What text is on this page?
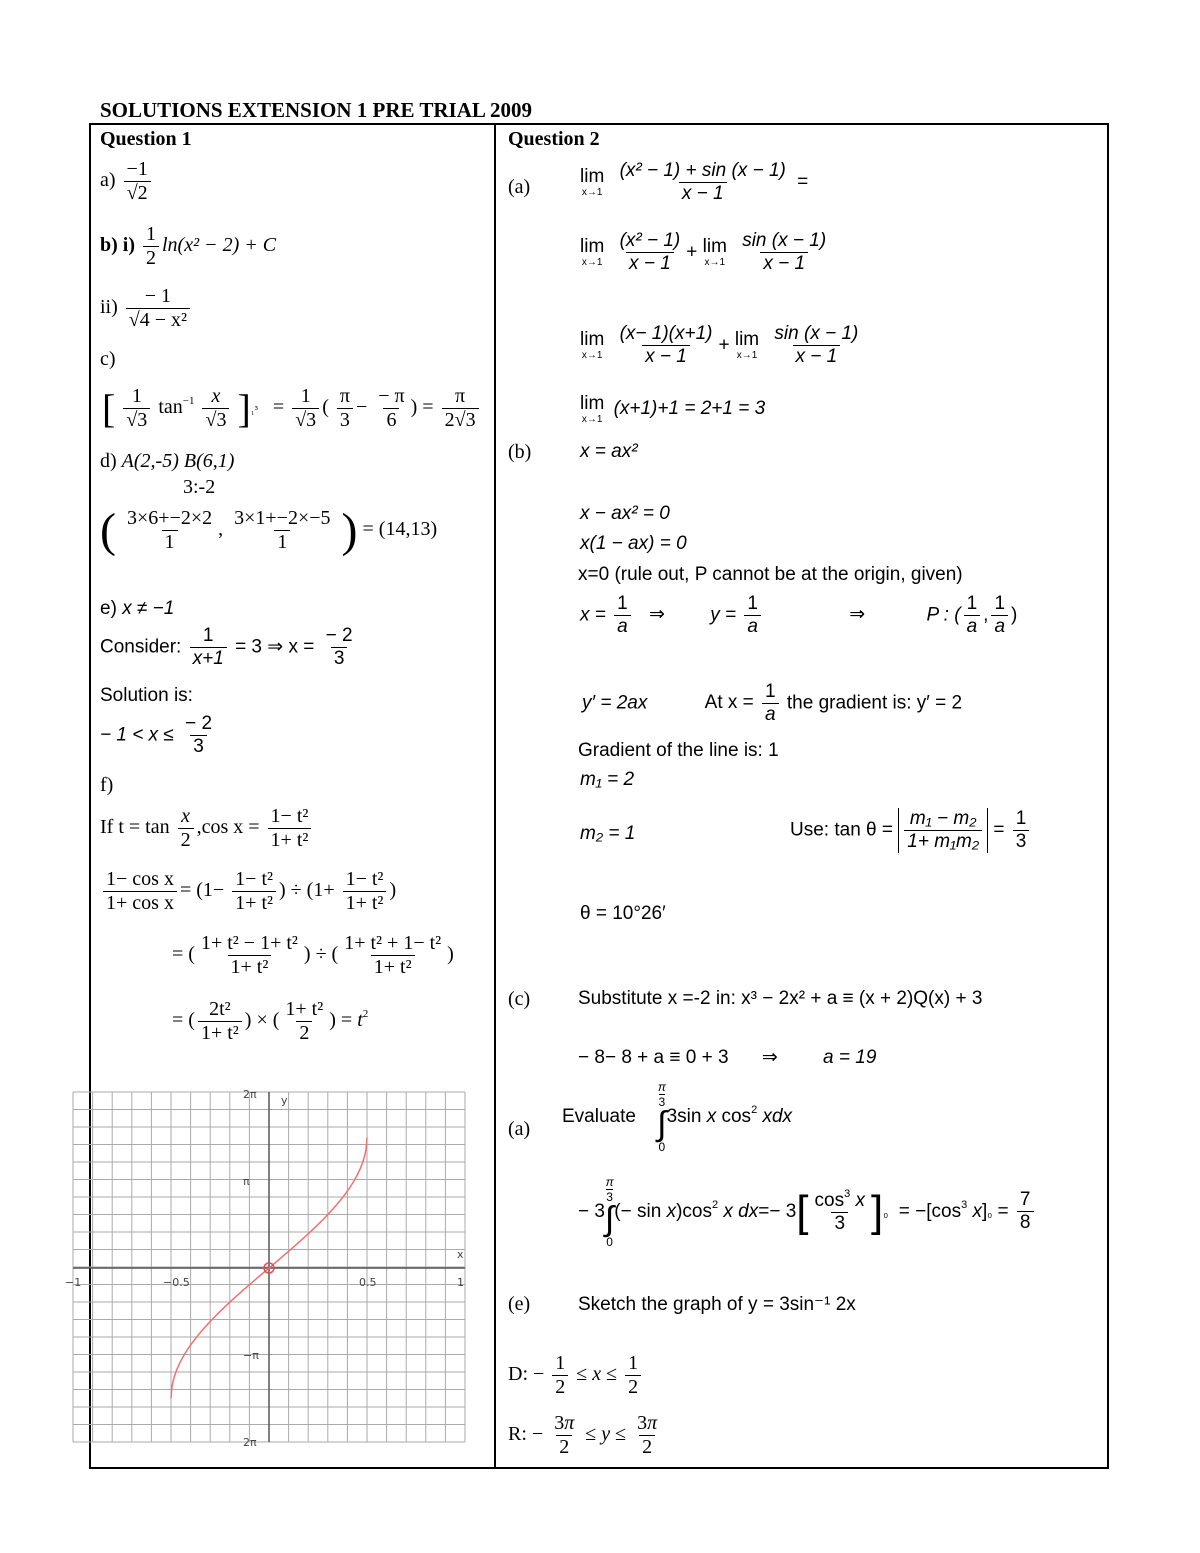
SOLUTIONS EXTENSION 1 PRE TRIAL 2009
Question 1
$a) \frac{-1}{√2}$
b) $i) \frac{1}{2} \ln(x^2 - 2) + C$
$ii) \frac{- 1}{\text{√4 − x²}}$
c)
[ $\frac{1}{√3} \tan^{-1} \frac{x}{√3} ]_1^3 = \frac{1}{√3}$ ( $\frac{\pi}{3} - \frac{- \pi}{6}$ ) = $\frac{\pi}{2√3}$
d) A(2,-5) B(6,1)
3:-2
( $\frac{3\times 6+-2\times 2}{1}$ , $\frac{3\times 1+-2\times-5}{1}$ ) = (14,13)
e) x ≠ −1
Consider: $\frac{1}{x+1} = 3$ ⇒ $x = \frac{- 2}{3}$
Solution is:
− $1 < x \le \frac{- 2}{3}$
f)
If $t = \tan \frac{x}{2} ,\cos$ $x = \frac{\text{1− t²}}{\text{1+ t²}}$
$\frac{\text{1− cos x}}{\text{1+ cos x}} = (1- \frac{\text{1− t²}}{\text{1+ t²}}$ ) ÷ ($1+ \frac{\text{1− t²}}{\text{1+ t²}}$ )
= ( $\frac{\text{1+ t² − 1+ t²}}{\text{1+ t²}}$ ) ÷ ( $\frac{\text{1+ t² + 1− t²}}{\text{1+ t²}}$ )
= ( $\frac{\text{2t²}}{\text{1+ t²}}$ ) × ( $\frac{\text{1+ t²}}{2}$ ) = $t^2$
−1	−0.5	0.5	1
2π
π
−π
2π
x
y
Question 2
(a)	lim
x→1
$\frac{\text{(x² − 1) + sin (x − 1)}}{x - 1}$ =
lim
x→1
$\frac{\text{(x² − 1)}}{x - 1} + \lim$
x→1
$\frac{\sin (x - 1)}{x - 1}$
lim
x→1
$\frac{(x- 1)(x+1)}{x - 1} + \lim$
x→1
$\frac{\sin (x - 1)}{x - 1}$
lim
x→1
(x+1)+1 = 2+1 = 3
(b)	x = ax²
x − ax² = 0
x(1 − ax) = 0
x=0 (rule out, P cannot be at the origin, given)
$x = \frac{1}{a}$ ⇒ $y = \frac{1}{a}$	⇒	P : ( $\frac{1}{a}$ , $\frac{1}{a}$ )
y′ = 2ax	At $x = \frac{1}{a}$ the gradient is: y′ = 2
Gradient of the line is: 1
m₁ = 2
m₂ = 1	Use: $\tan \theta = \frac{\text{m₁ − m₂}}{\text{1+ m₁m₂}} = \frac{1}{3}$
θ = 10°26′
(c)	Substitute x =-2 in: x³ − 2x² + a ≡ (x + 2)Q(x) + 3
− 8− 8 + a ≡ 0 + 3 ⇒ a = 19
(a)
Evaluate
π
3
∫
0
3sin x $\cos^2$ xdx
− 3
π
3
∫
0
(− $\sin x)\cos^2$ x $dx=- 3[ \frac{\cos^3 x}{3} ]_0 = -[\cos^3$ $x]_0 = \frac{7}{8}$
(e)	Sketch the graph of y = 3sin⁻¹ 2x
D: − $\frac{1}{2} \le x \le \frac{1}{2}$
R: − $\frac{3\pi}{2} \le y \le \frac{3\pi}{2}$
